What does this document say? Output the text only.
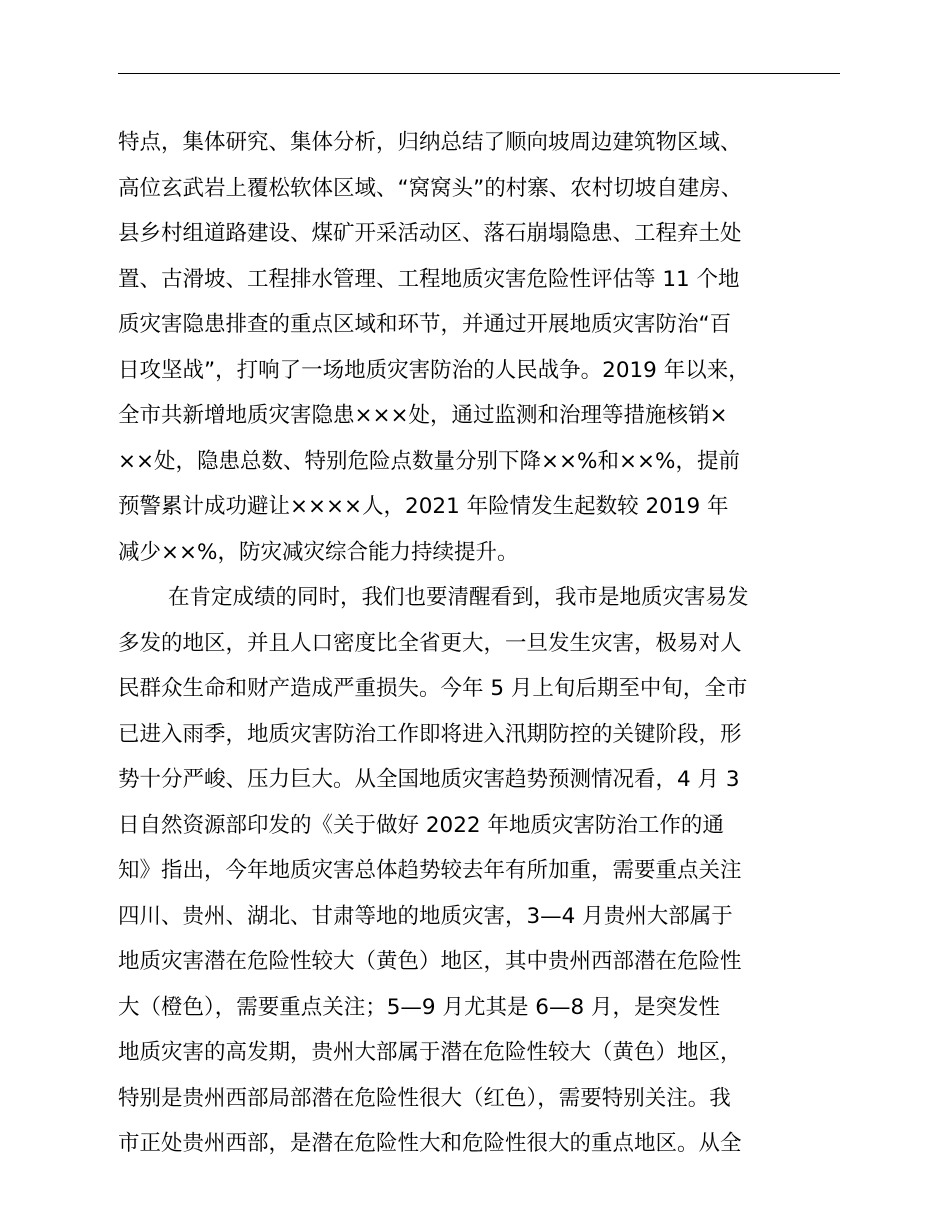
特点，集体研究、集体分析，归纳总结了顺向坡周边建筑物区域、
高位玄武岩上覆松软体区域、“窝窝头”的村寨、农村切坡自建房、
县乡村组道路建设、煤矿开采活动区、落石崩塌隐患、工程弃土处
置、古滑坡、工程排水管理、工程地质灾害危险性评估等 11 个地
质灾害隐患排查的重点区域和环节，并通过开展地质灾害防治“百
日攻坚战”，打响了一场地质灾害防治的人民战争。2019 年以来，
全市共新增地质灾害隐患×××处，通过监测和治理等措施核销×
××处，隐患总数、特别危险点数量分别下降××%和××%，提前
预警累计成功避让××××人，2021 年险情发生起数较 2019 年
减少××%，防灾减灾综合能力持续提升。
在肯定成绩的同时，我们也要清醒看到，我市是地质灾害易发
多发的地区，并且人口密度比全省更大，一旦发生灾害，极易对人
民群众生命和财产造成严重损失。今年 5 月上旬后期至中旬，全市
已进入雨季，地质灾害防治工作即将进入汛期防控的关键阶段，形
势十分严峻、压力巨大。从全国地质灾害趋势预测情况看，4 月 3
日自然资源部印发的《关于做好 2022 年地质灾害防治工作的通
知》指出，今年地质灾害总体趋势较去年有所加重，需要重点关注
四川、贵州、湖北、甘肃等地的地质灾害，3—4 月贵州大部属于
地质灾害潜在危险性较大（黄色）地区，其中贵州西部潜在危险性
大（橙色），需要重点关注；5—9 月尤其是 6—8 月，是突发性
地质灾害的高发期，贵州大部属于潜在危险性较大（黄色）地区，
特别是贵州西部局部潜在危险性很大（红色），需要特别关注。我
市正处贵州西部，是潜在危险性大和危险性很大的重点地区。从全
